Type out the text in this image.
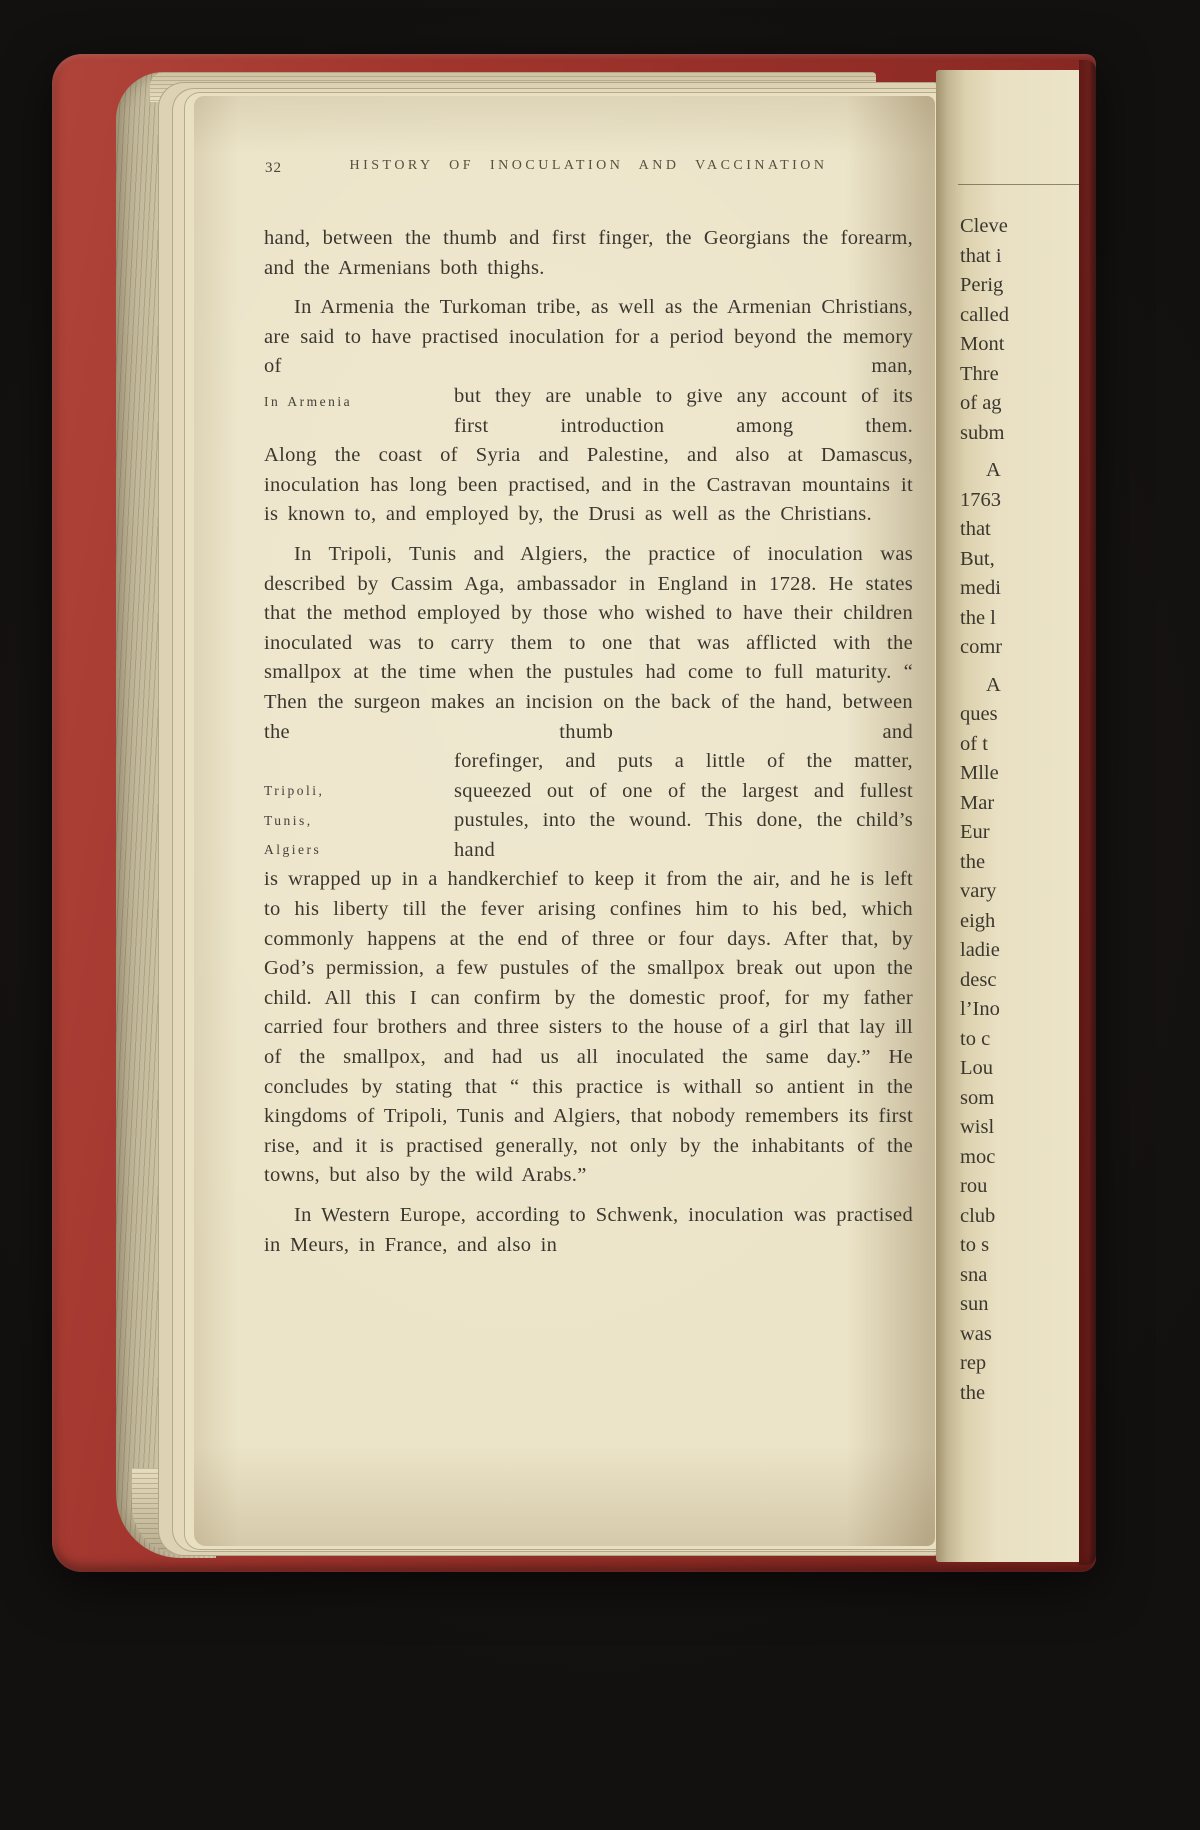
32	HISTORY OF INOCULATION AND VACCINATION

hand, between the thumb and first finger, the Georgians the forearm, and the Armenians both thighs.

In Armenia the Turkoman tribe, as well as the Armenian Christians, are said to have practised inoculation for a period beyond the memory of man,

In Armenia	but they are unable to give any account of its first introduction among them.

Along the coast of Syria and Palestine, and also at Damascus, inoculation has long been practised, and in the Castravan mountains it is known to, and employed by, the Drusi as well as the Christians.

In Tripoli, Tunis and Algiers, the practice of inoculation was described by Cassim Aga, ambassador in England in 1728. He states that the method employed by those who wished to have their children inoculated was to carry them to one that was afflicted with the smallpox at the time when the pustules had come to full maturity. “ Then the surgeon makes an incision on the back of the hand, between the thumb and

Tripoli,
Tunis,
Algiers
forefinger, and puts a little of the matter, squeezed out of one of the largest and fullest pustules, into the wound. This done, the child’s hand

is wrapped up in a handkerchief to keep it from the air, and he is left to his liberty till the fever arising confines him to his bed, which commonly happens at the end of three or four days. After that, by God’s permission, a few pustules of the smallpox break out upon the child. All this I can confirm by the domestic proof, for my father carried four brothers and three sisters to the house of a girl that lay ill of the smallpox, and had us all inoculated the same day.” He concludes by stating that “ this practice is withall so antient in the kingdoms of Tripoli, Tunis and Algiers, that nobody remembers its first rise, and it is practised generally, not only by the inhabitants of the towns, but also by the wild Arabs.”

In Western Europe, according to Schwenk, inoculation was practised in Meurs, in France, and also in

Cleve
that i
Perig
called
Mont
Thre
of ag
subm
A
1763
that
But,
medi
the l
comr
A
ques
of t
Mlle
Mar
Eur
the
vary
eigh
ladie
desc
l’Ino
to c
Lou
som
wisl
moc
rou
club
to s
sna
sun
was
rep
the
